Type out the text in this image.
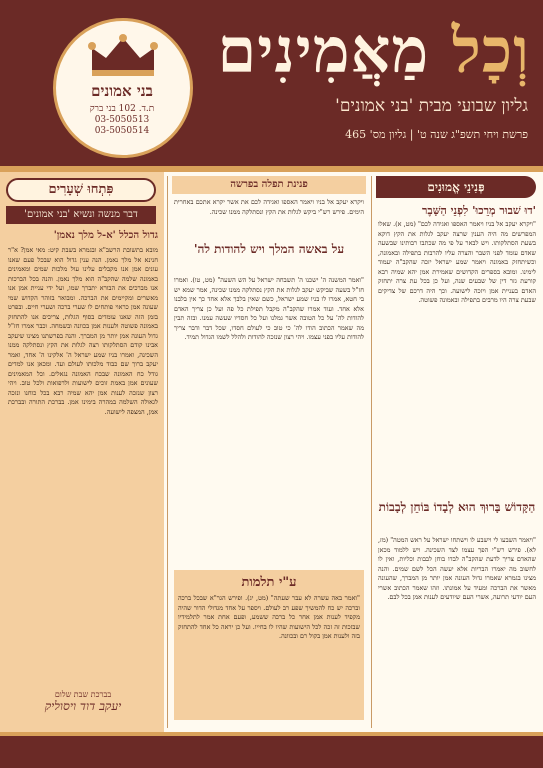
בני אמונים
ת.ד. 102 בני ברק
03-5050513
03-5050514
וְכָל מַאֲמִינִים
גליון שבועי מבית 'בני אמונים'
פרשת ויחי תשפ"ג שנה ט' | גליון מס' 465
פִּתְחוּ שְׁעָרִים
דבר מנשה ונשיא 'בני אמונים'
גדול הכלל 'א-ל מלך נאמן'
מובא בתשובת הרשב"א ובגמרא בשבת קיט: מאי אמן? א"ר חנינא אל מלך נאמן. הנה ענין גדול הוא שבכל פעם שאנו עונים אמן אנו מקבלים עלינו עול מלכות שמים ומאמינים באמונה שלמה שהקב"ה הוא מלך נאמן. והנה בכל הברכות אנו מברכים את הבורא יתברך שמו, ועל ידי עניית אמן אנו מאשרים ומקיימים את הברכה. ומבואר בזוהר הקדוש שמי שעונה אמן כראוי פותחים לו שערי ברכה ושערי חיים. ובפרט בזמן הזה שאנו עומדים בסוף הגלות, צריכים אנו להתחזק באמונה פשוטה ולענות אמן בכוונה ובשמחה. וכבר אמרו חז"ל גדול העונה אמן יותר מן המברך. והנה בפרשתנו מצינו שיעקב אבינו קודם הסתלקותו רצה לגלות את הקץ ונסתלקה ממנו השכינה, ואמרו בניו שמע ישראל ה' אלקינו ה' אחד, ואמר יעקב ברוך שם כבוד מלכותו לעולם ועד. ומכאן אנו למדים גודל כח האמונה שבכח האמונה נגאלים. וכל המאמינים שעונים אמן באמת זוכים לישועות ולרפואות ולכל טוב. ויהי רצון שנזכה לענות אמן יהא שמיה רבא בכל כוחנו ונזכה לגאולה השלמה במהרה בימינו אמן. בברכת התורה ובברכת אמן, המצפה לישועה.
בברכת שבת שלום
יעקב דוד ויסוליק
פנינת תפלה בפרשה
ויקרא יעקב אל בניו ויאמר האספו ואגידה לכם את אשר יקרא אתכם באחרית הימים. פירש רש"י ביקש לגלות את הקץ ונסתלקה ממנו שכינה.
על באשה המלך ויש להודות לה'
"ואמר המשנה ה' ישכנו ה' תשבחה ישראל על הש השעה" (מט, טו). ואמרו חז"ל בשעה שביקש יעקב לגלות את הקץ נסתלקה ממנו שכינה, אמר שמא יש בי חטא, אמרו לו בניו שמע ישראל, כשם שאין בלבך אלא אחד כך אין בלבנו אלא אחד. ועוד אמרו שהקב"ה מקבל תפילת כל פה ועל כן צריך האדם להודות לה' על כל הטובה אשר גמלנו ועל כל חסדיו שעשה עמנו. ובזה תבין מה שאמר הכתוב הודו לה' כי טוב כי לעולם חסדו, שכל דבר ודבר צריך להודות עליו בפני עצמו. ויהי רצון שנזכה להודות ולהלל לשמו הגדול תמיד.
ע"י תלמות
"ואמר באה עשרה לא עבר שעתה" (מט, יג). ופירש הגר"א שבכל ברכה וברכה יש כח להמשיך שפע רב לעולם. ויספר על אחד מגדולי הדור שהיה מקפיד לענות אמן אחר כל ברכה ששמע, ופעם אחת אמר לתלמידיו שבזכות זה זכה לכל הישועות שהיו לו בחייו. ועל כן יראה כל אחד להתחזק בזה ולענות אמן בקול רם ובכוונה.
פְּנִינֵי אֱמוּנִים
'דוּ שׁבוּר מְרֵכוּ' לִפְנֵי הַשָּׁבֶר
"ויקרא יעקב אל בניו ויאמר האספו ואגידה לכם" (מט, א). שאלו המפרשים מה היה הענין שרצה יעקב לגלות את הקץ דוקא בשעת הסתלקותו. ויש לבאר על פי מה שכתבו רבותינו שבשעה שאדם עומד לפני השבר והצרה עליו להרבות בתפילה ובאמונה, וכשיתחזק באמונה ויאמר שמע ישראל יזכה שהקב"ה יעמוד לימינו. ומובא בספרים הקדושים שאמירת אמן יהא שמיה רבא קורעת גזר דין של שבעים שנה, ועל כן בכל עת צרה יתחזק האדם בעניית אמן ויזכה לישועה. וכך היה דרכם של צדיקים שבעת צרה היו מרבים בתפילה ובאמונה פשוטה.
הַקָּדוֹשׁ בָּרוּךְ הוּא לְבָדוֹ בּוֹחֵן לְבָבוֹת
"ויאמר השבעו לי וישבע לו וישתחו ישראל על ראש המטה" (מז, לא). פירש רש"י הפך עצמו לצד השכינה. ויש ללמוד מכאן שהאדם צריך לדעת שהקב"ה לבדו בוחן לבבות וכליות, ואין לו לחשוב מה יאמרו הבריות אלא יעשה הכל לשם שמים. והנה מצינו בגמרא שאמרו גדול העונה אמן יותר מן המברך, שהעונה מאשר את הברכה ומעיד על אמונתו. וזהו שאמר הכתוב אשרי העם יודעי תרועה, אשרי העם שיודעים לענות אמן בכל לבם.
